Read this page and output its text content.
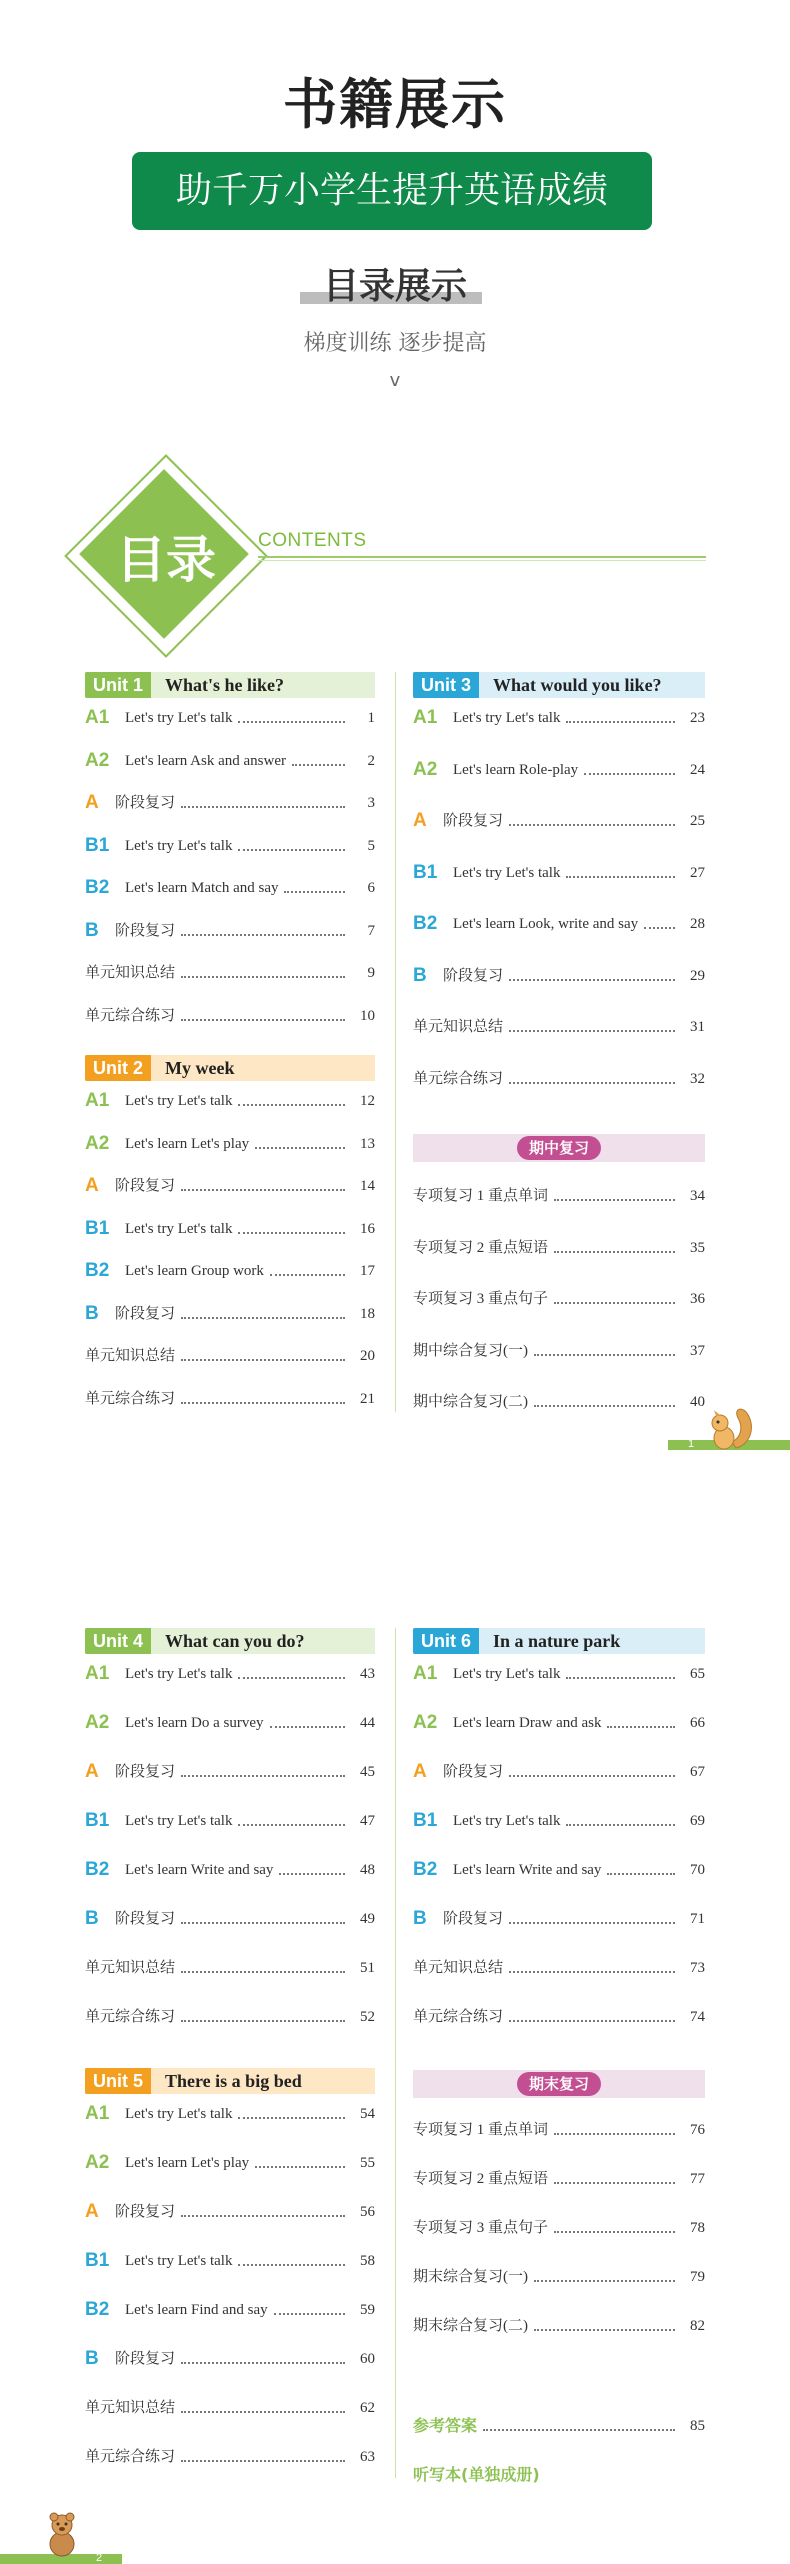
书籍展示
助千万小学生提升英语成绩
目录展示
梯度训练 逐步提高
v
目录	CONTENTS
Unit 1 What's he like?
A1 Let's try Let's talk	1
A2 Let's learn Ask and answer	2
A 阶段复习	3
B1 Let's try Let's talk	5
B2 Let's learn Match and say	6
B 阶段复习	7
单元知识总结	9
单元综合练习	10
Unit 2 My week
A1 Let's try Let's talk	12
A2 Let's learn Let's play	13
A 阶段复习	14
B1 Let's try Let's talk	16
B2 Let's learn Group work	17
B 阶段复习	18
单元知识总结	20
单元综合练习	21
Unit 3 What would you like?
A1 Let's try Let's talk	23
A2 Let's learn Role-play	24
A 阶段复习	25
B1 Let's try Let's talk	27
B2 Let's learn Look, write and say	28
B 阶段复习	29
单元知识总结	31
单元综合练习	32
期中复习
专项复习 1 重点单词	34
专项复习 2 重点短语	35
专项复习 3 重点句子	36
期中综合复习(一)	37
期中综合复习(二)	40
Unit 4 What can you do?
A1 Let's try Let's talk	43
A2 Let's learn Do a survey	44
A 阶段复习	45
B1 Let's try Let's talk	47
B2 Let's learn Write and say	48
B 阶段复习	49
单元知识总结	51
单元综合练习	52
Unit 5 There is a big bed
A1 Let's try Let's talk	54
A2 Let's learn Let's play	55
A 阶段复习	56
B1 Let's try Let's talk	58
B2 Let's learn Find and say	59
B 阶段复习	60
单元知识总结	62
单元综合练习	63
Unit 6 In a nature park
A1 Let's try Let's talk	65
A2 Let's learn Draw and ask	66
A 阶段复习	67
B1 Let's try Let's talk	69
B2 Let's learn Write and say	70
B 阶段复习	71
单元知识总结	73
单元综合练习	74
期末复习
专项复习 1 重点单词	76
专项复习 2 重点短语	77
专项复习 3 重点句子	78
期末综合复习(一)	79
期末综合复习(二)	82
参考答案	85
听写本(单独成册)
1
2
